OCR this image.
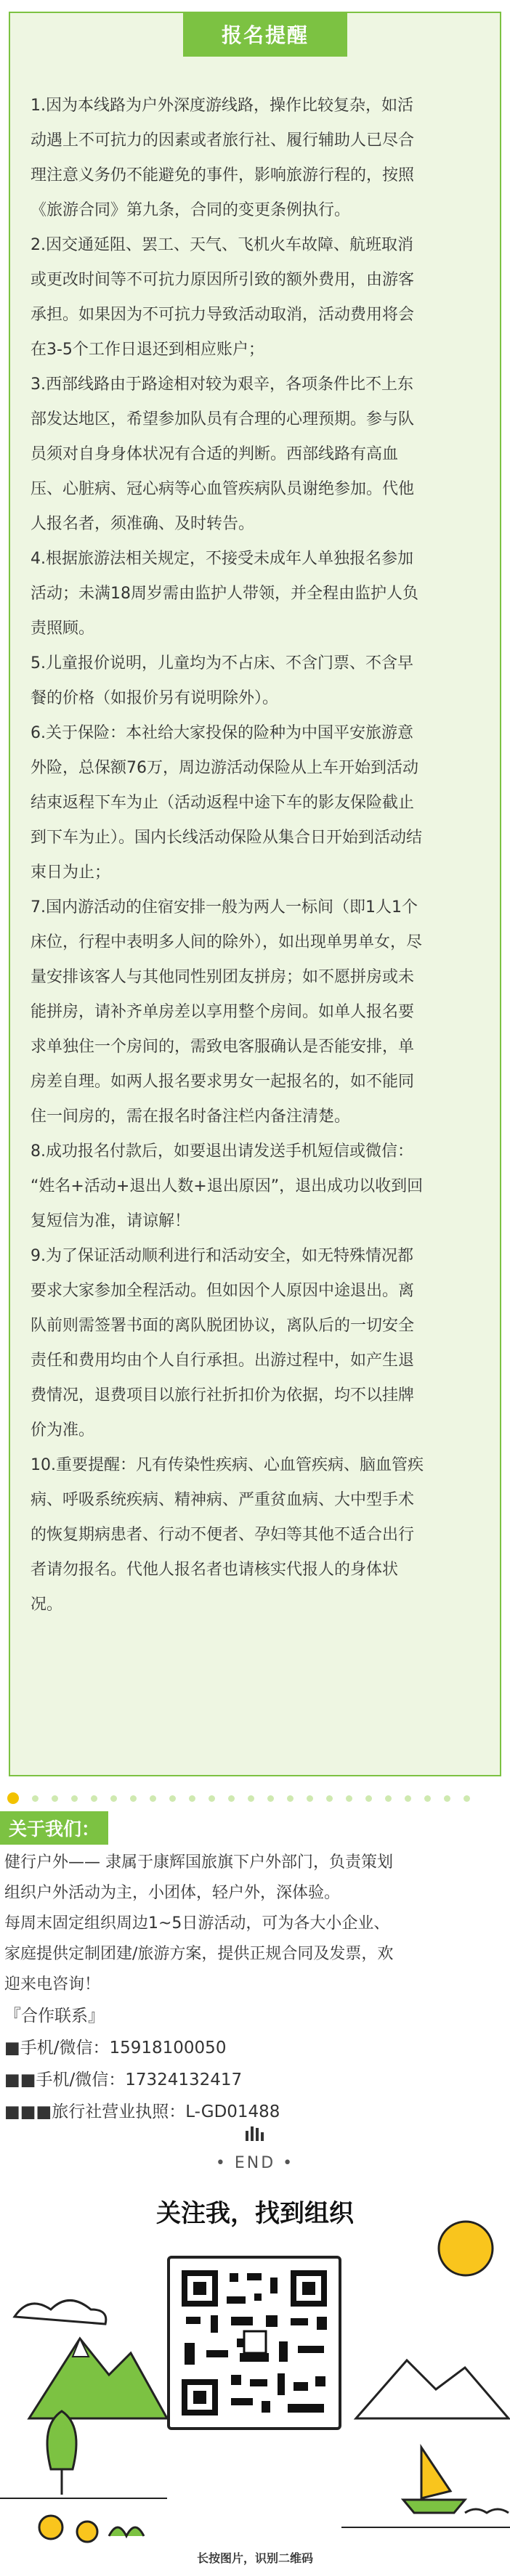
报名提醒

1.因为本线路为户外深度游线路，操作比较复杂，如活

动遇上不可抗力的因素或者旅行社、履行辅助人已尽合

理注意义务仍不能避免的事件，影响旅游行程的，按照

《旅游合同》第九条，合同的变更条例执行。

2.因交通延阻、罢工、天气、飞机火车故障、航班取消

或更改时间等不可抗力原因所引致的额外费用，由游客

承担。如果因为不可抗力导致活动取消，活动费用将会

在3-5个工作日退还到相应账户；

3.西部线路由于路途相对较为艰辛，各项条件比不上东

部发达地区，希望参加队员有合理的心理预期。参与队

员须对自身身体状况有合适的判断。西部线路有高血

压、心脏病、冠心病等心血管疾病队员谢绝参加。代他

人报名者，须准确、及时转告。

4.根据旅游法相关规定，不接受未成年人单独报名参加

活动；未满18周岁需由监护人带领，并全程由监护人负

责照顾。

5.儿童报价说明，儿童均为不占床、不含门票、不含早

餐的价格（如报价另有说明除外）。

6.关于保险：本社给大家投保的险种为中国平安旅游意

外险，总保额76万，周边游活动保险从上车开始到活动

结束返程下车为止（活动返程中途下车的影友保险截止

到下车为止）。国内长线活动保险从集合日开始到活动结

束日为止；

7.国内游活动的住宿安排一般为两人一标间（即1人1个

床位，行程中表明多人间的除外），如出现单男单女，尽

量安排该客人与其他同性别团友拼房；如不愿拼房或未

能拼房，请补齐单房差以享用整个房间。如单人报名要

求单独住一个房间的，需致电客服确认是否能安排，单

房差自理。如两人报名要求男女一起报名的，如不能同

住一间房的，需在报名时备注栏内备注清楚。

8.成功报名付款后，如要退出请发送手机短信或微信：

“姓名+活动+退出人数+退出原因”，退出成功以收到回

复短信为准，请谅解！

9.为了保证活动顺利进行和活动安全，如无特殊情况都

要求大家参加全程活动。但如因个人原因中途退出。离

队前则需签署书面的离队脱团协议，离队后的一切安全

责任和费用均由个人自行承担。出游过程中，如产生退

费情况，退费项目以旅行社折扣价为依据，均不以挂牌

价为准。

10.重要提醒：凡有传染性疾病、心血管疾病、脑血管疾

病、呼吸系统疾病、精神病、严重贫血病、大中型手术

的恢复期病患者、行动不便者、孕妇等其他不适合出行

者请勿报名。代他人报名者也请核实代报人的身体状

况。

关于我们：

健行户外—— 隶属于康辉国旅旗下户外部门，负责策划

组织户外活动为主，小团体，轻户外，深体验。

每周末固定组织周边1~5日游活动，可为各大小企业、

家庭提供定制团建/旅游方案，提供正规合同及发票，欢

迎来电咨询！

『合作联系』

■手机/微信：15918100050

■■手机/微信：17324132417

■■■旅行社营业执照：L-GD01488

• END •
关注我，找到组织
长按图片，识别二维码
